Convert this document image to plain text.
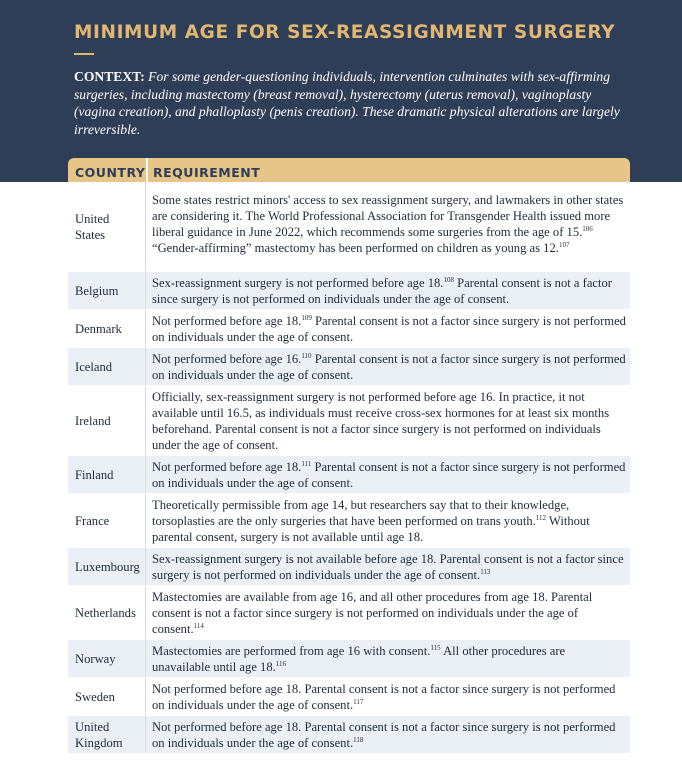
MINIMUM AGE FOR SEX-REASSIGNMENT SURGERY

CONTEXT: For some gender-questioning individuals, intervention culminates with sex-affirming surgeries, including mastectomy (breast removal), hysterectomy (uterus removal), vaginoplasty (vagina creation), and phalloplasty (penis creation). These dramatic physical alterations are largely irreversible.

COUNTRY REQUIREMENT
United States
Some states restrict minors' access to sex reassignment surgery, and lawmakers in other states are considering it. The World Professional Association for Transgender Health issued more liberal guidance in June 2022, which recommends some surgeries from the age of 15.$^{106}$ “Gender-affirming” mastectomy has been performed on children as young as 12.$^{107}$
Belgium
Sex-reassignment surgery is not performed before age 18.$^{108}$ Parental consent is not a factor since surgery is not performed on individuals under the age of consent.
Denmark
Not performed before age 18.$^{109}$ Parental consent is not a factor since surgery is not performed on individuals under the age of consent.
Iceland
Not performed before age 16.$^{110}$ Parental consent is not a factor since surgery is not performed on individuals under the age of consent.
Ireland
Officially, sex-reassignment surgery is not performed before age 16. In practice, it not available until 16.5, as individuals must receive cross-sex hormones for at least six months beforehand. Parental consent is not a factor since surgery is not performed on individuals under the age of consent.
Finland
Not performed before age 18.$^{111}$ Parental consent is not a factor since surgery is not performed on individuals under the age of consent.
France
Theoretically permissible from age 14, but researchers say that to their knowledge, torsoplasties are the only surgeries that have been performed on trans youth.$^{112}$ Without parental consent, surgery is not available until age 18.
Luxembourg
Sex-reassignment surgery is not available before age 18. Parental consent is not a factor since surgery is not performed on individuals under the age of consent.$^{113}$
Netherlands
Mastectomies are available from age 16, and all other procedures from age 18. Parental consent is not a factor since surgery is not performed on individuals under the age of consent.$^{114}$
Norway
Mastectomies are performed from age 16 with consent.$^{115}$ All other procedures are unavailable until age 18.$^{116}$
Sweden
Not performed before age 18. Parental consent is not a factor since surgery is not performed on individuals under the age of consent.$^{117}$
United Kingdom
Not performed before age 18. Parental consent is not a factor since surgery is not performed on individuals under the age of consent.$^{118}$
